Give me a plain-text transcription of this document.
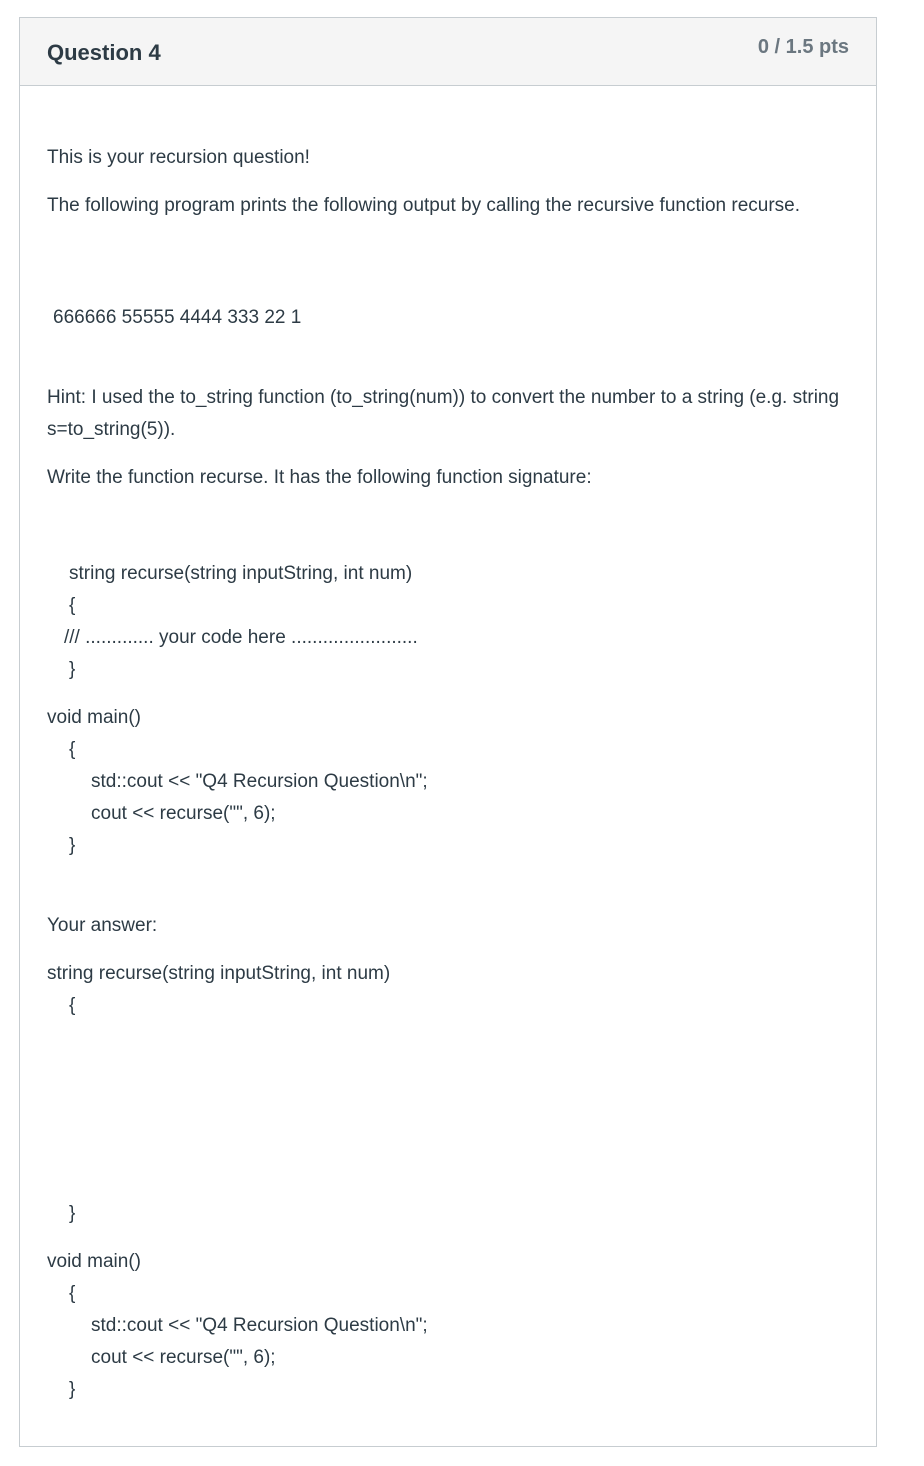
Question 4	0 / 1.5 pts
This is your recursion question!
The following program prints the following output by calling the recursive function recurse.
666666 55555 4444 333 22 1
Hint: I used the to_string function (to_string(num)) to convert the number to a string (e.g. string s=to_string(5)).
Write the function recurse. It has the following function signature:
string recurse(string inputString, int num)
{
/// ............. your code here ........................
}
void main()
{
std::cout << "Q4 Recursion Question\n";
cout << recurse("", 6);
}
Your answer:
string recurse(string inputString, int num)
{
}
void main()
{
std::cout << "Q4 Recursion Question\n";
cout << recurse("", 6);
}
